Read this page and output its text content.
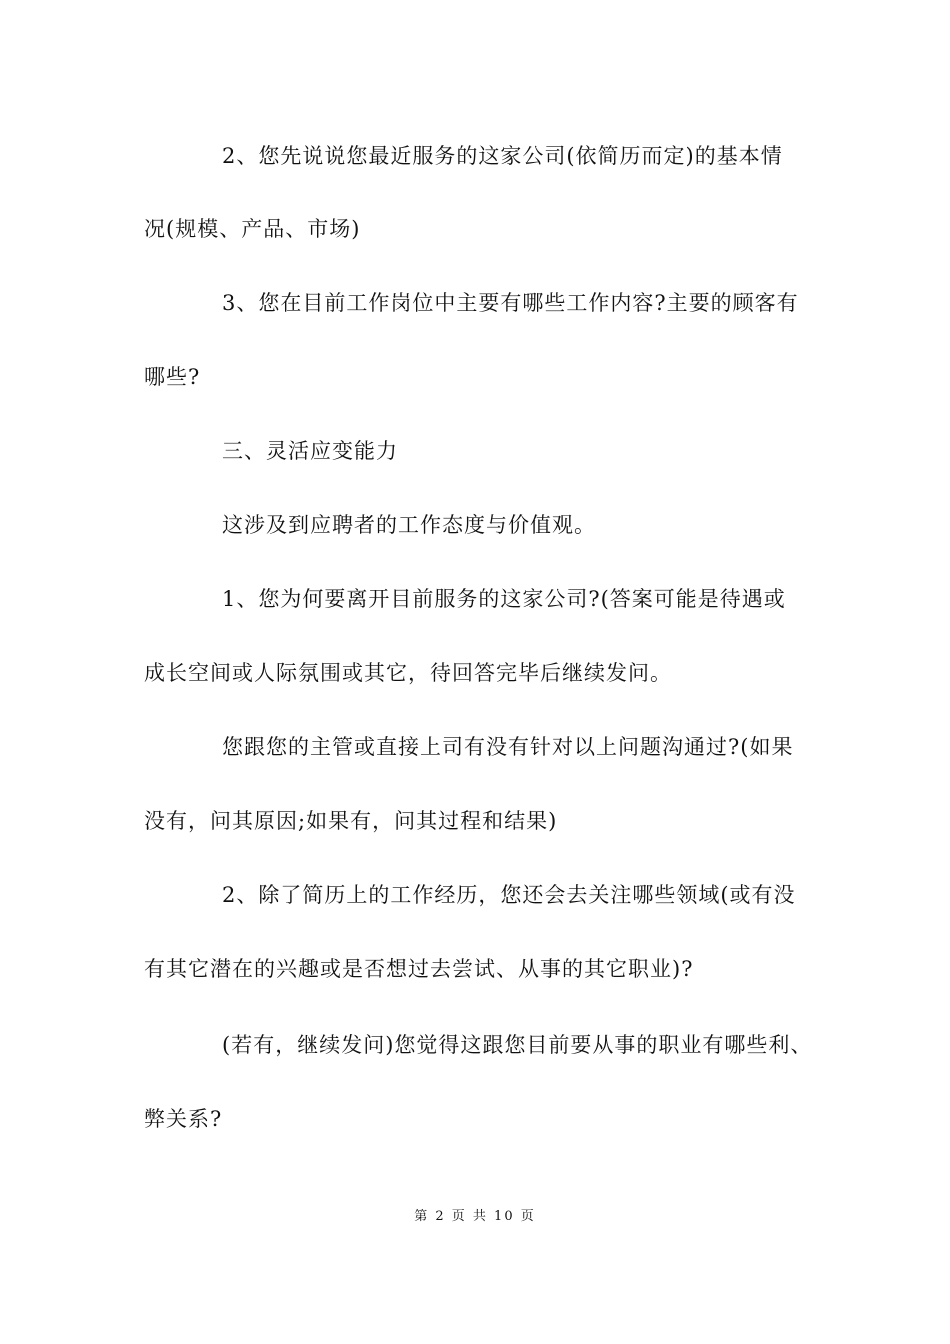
2、您先说说您最近服务的这家公司(依简历而定)的基本情
况(规模、产品、市场)
3、您在目前工作岗位中主要有哪些工作内容?主要的顾客有
哪些?
三、灵活应变能力
这涉及到应聘者的工作态度与价值观。
1、您为何要离开目前服务的这家公司?(答案可能是待遇或
成长空间或人际氛围或其它，待回答完毕后继续发问。
您跟您的主管或直接上司有没有针对以上问题沟通过?(如果
没有，问其原因;如果有，问其过程和结果)
2、除了简历上的工作经历，您还会去关注哪些领域(或有没
有其它潜在的兴趣或是否想过去尝试、从事的其它职业)?
(若有，继续发问)您觉得这跟您目前要从事的职业有哪些利、
弊关系?
第 2 页 共 10 页
